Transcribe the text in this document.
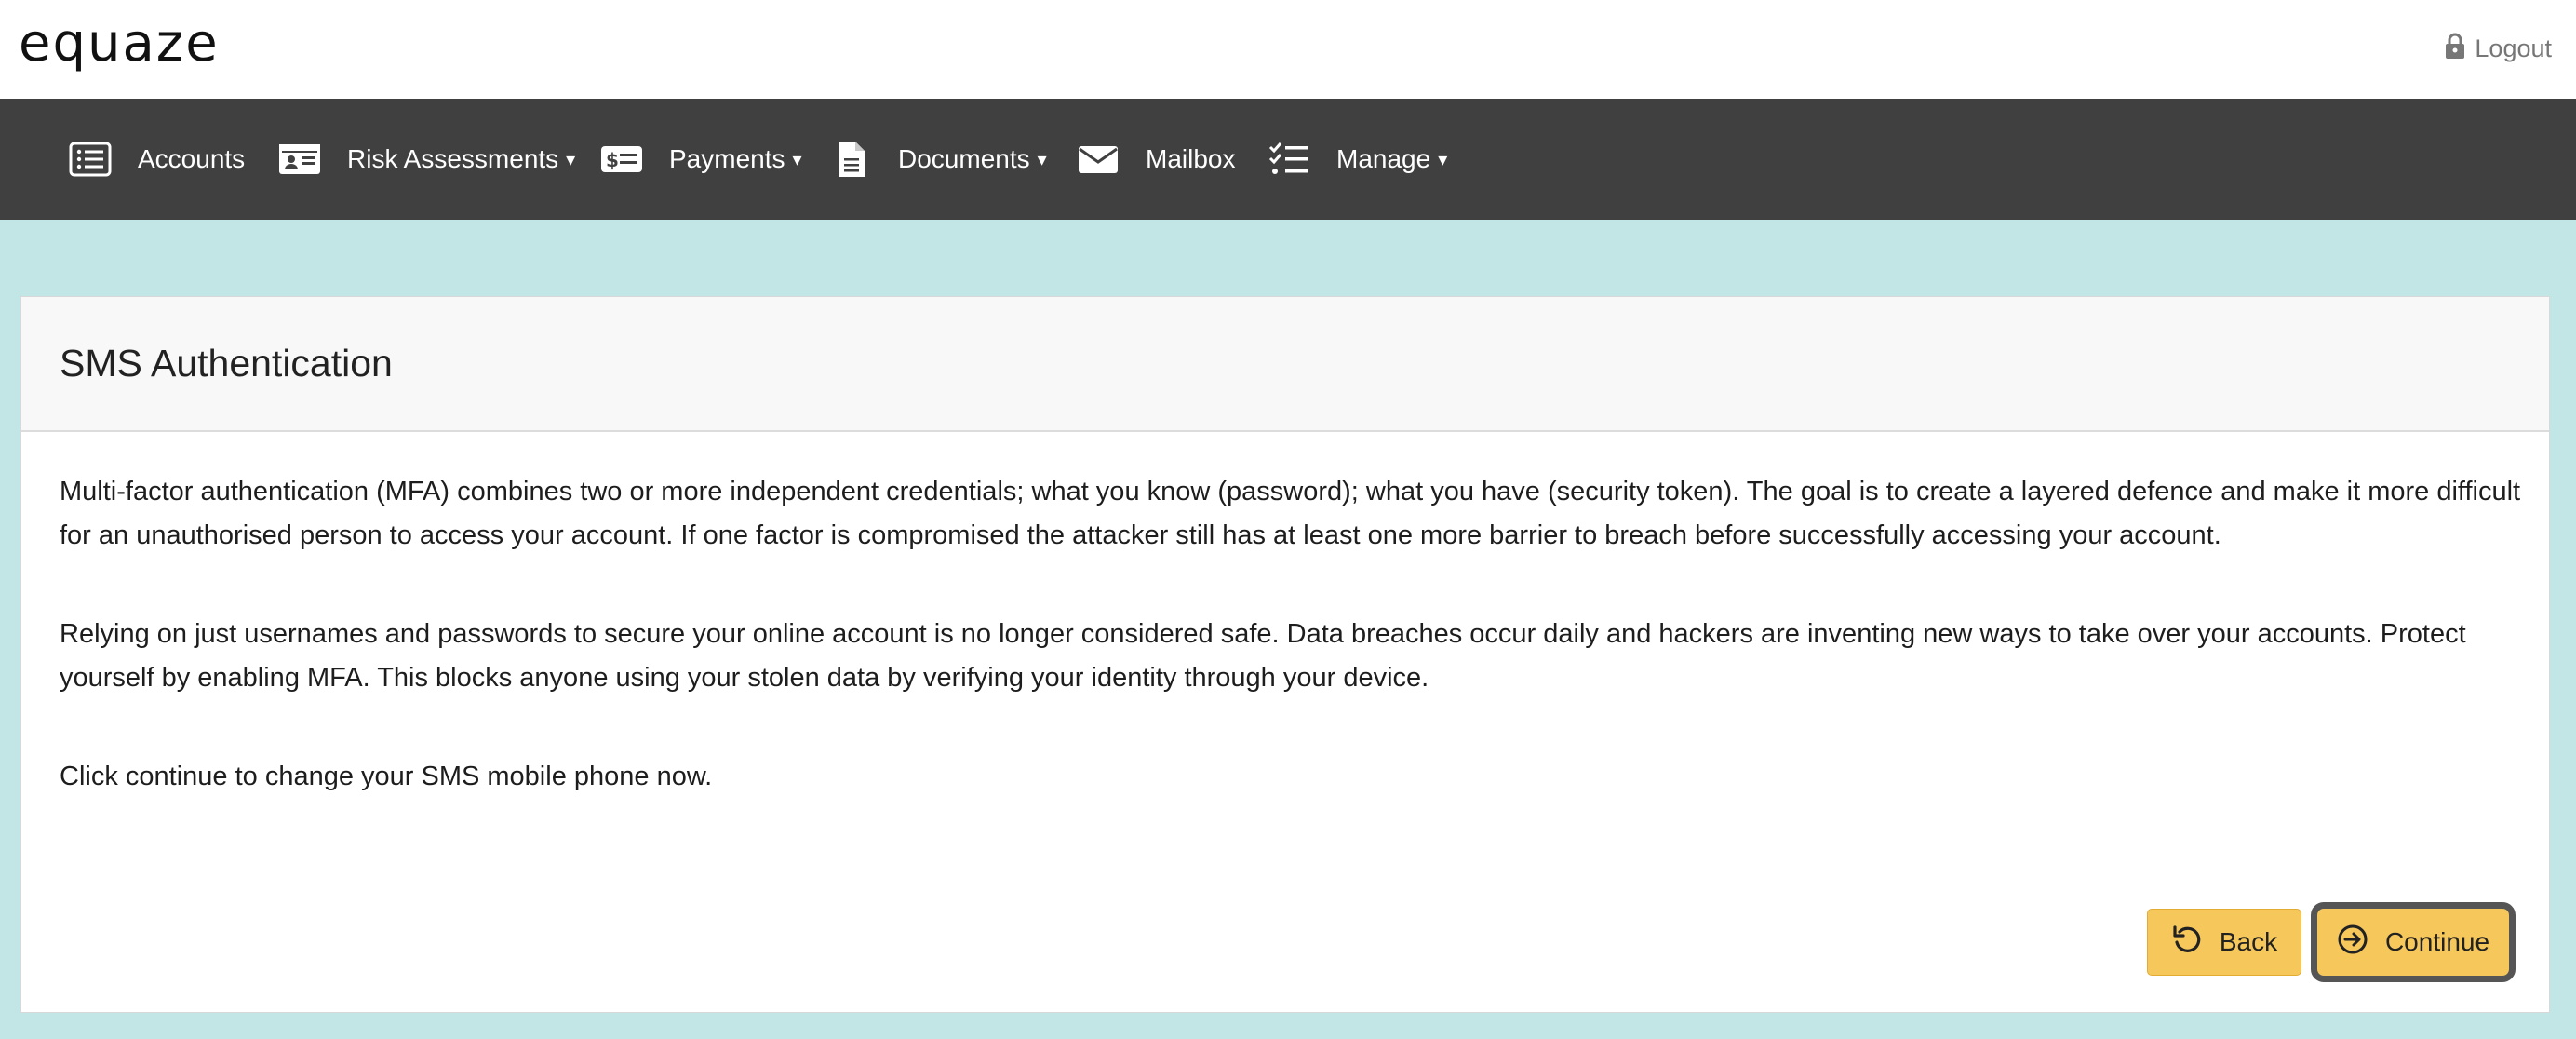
equaze	Logout
Accounts	Risk Assessments ▾ $ Payments ▾	Documents ▾	Mailbox	Manage ▾
SMS Authentication

Multi-factor authentication (MFA) combines two or more independent credentials; what you know (password); what you have (security token). The goal is to create a layered defence and make it more difficult for an unauthorised person to access your account. If one factor is compromised the attacker still has at least one more barrier to breach before successfully accessing your account.

Relying on just usernames and passwords to secure your online account is no longer considered safe. Data breaches occur daily and hackers are inventing new ways to take over your accounts. Protect yourself by enabling MFA. This blocks anyone using your stolen data by verifying your identity through your device.

Click continue to change your SMS mobile phone now.

Back	Continue
